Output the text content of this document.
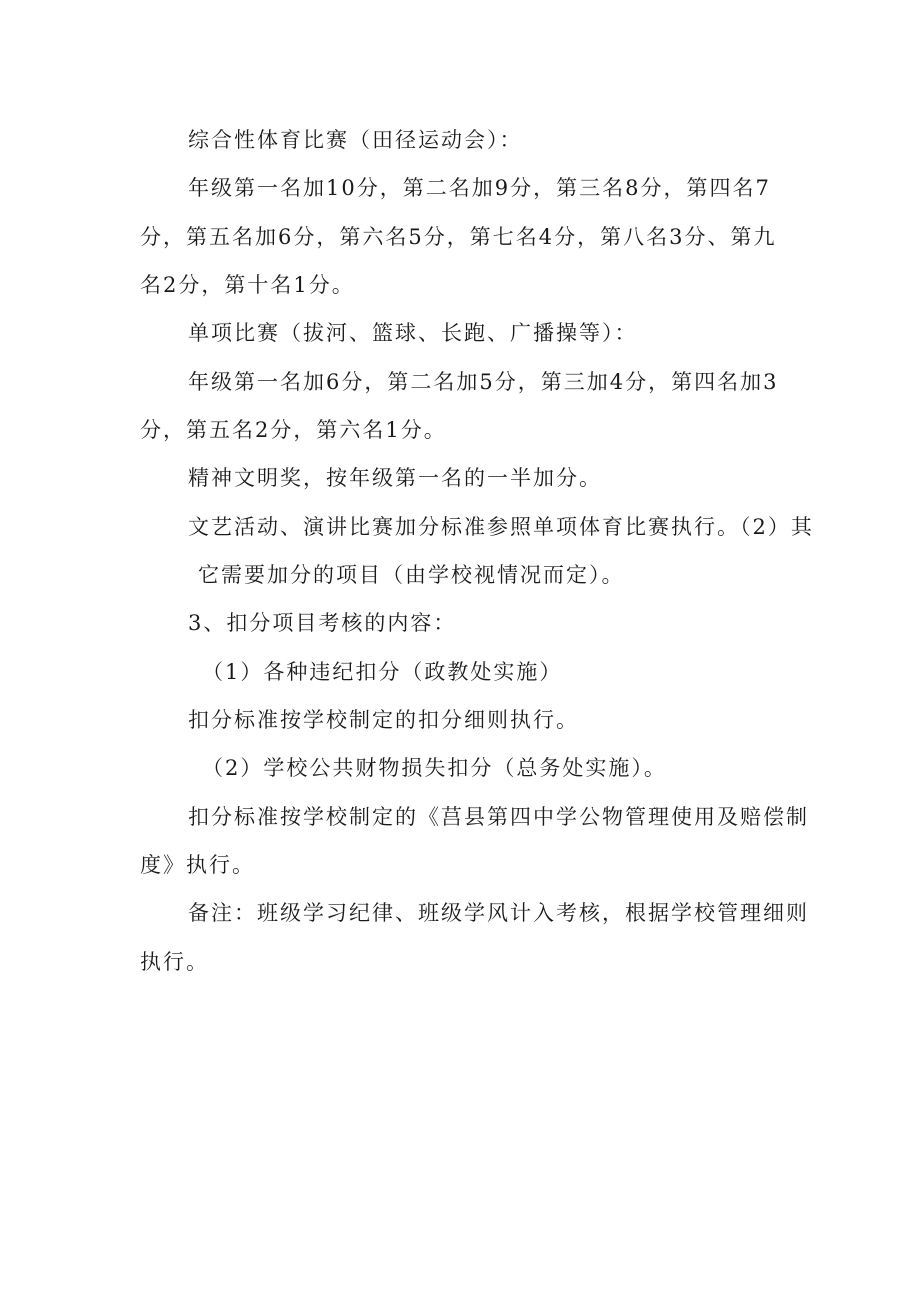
综合性体育比赛（田径运动会）：
年级第一名加10分，第二名加9分，第三名8分，第四名7
分，第五名加6分，第六名5分，第七名4分，第八名3分、第九
名2分，第十名1分。
单项比赛（拔河、篮球、长跑、广播操等）：
年级第一名加6分，第二名加5分，第三加4分，第四名加3
分，第五名2分，第六名1分。
精神文明奖，按年级第一名的一半加分。
文艺活动、演讲比赛加分标准参照单项体育比赛执行。（2）其
它需要加分的项目（由学校视情况而定）。
3、扣分项目考核的内容：
（1）各种违纪扣分（政教处实施）
扣分标准按学校制定的扣分细则执行。
（2）学校公共财物损失扣分（总务处实施）。
扣分标准按学校制定的《莒县第四中学公物管理使用及赔偿制
度》执行。
备注：班级学习纪律、班级学风计入考核，根据学校管理细则
执行。
